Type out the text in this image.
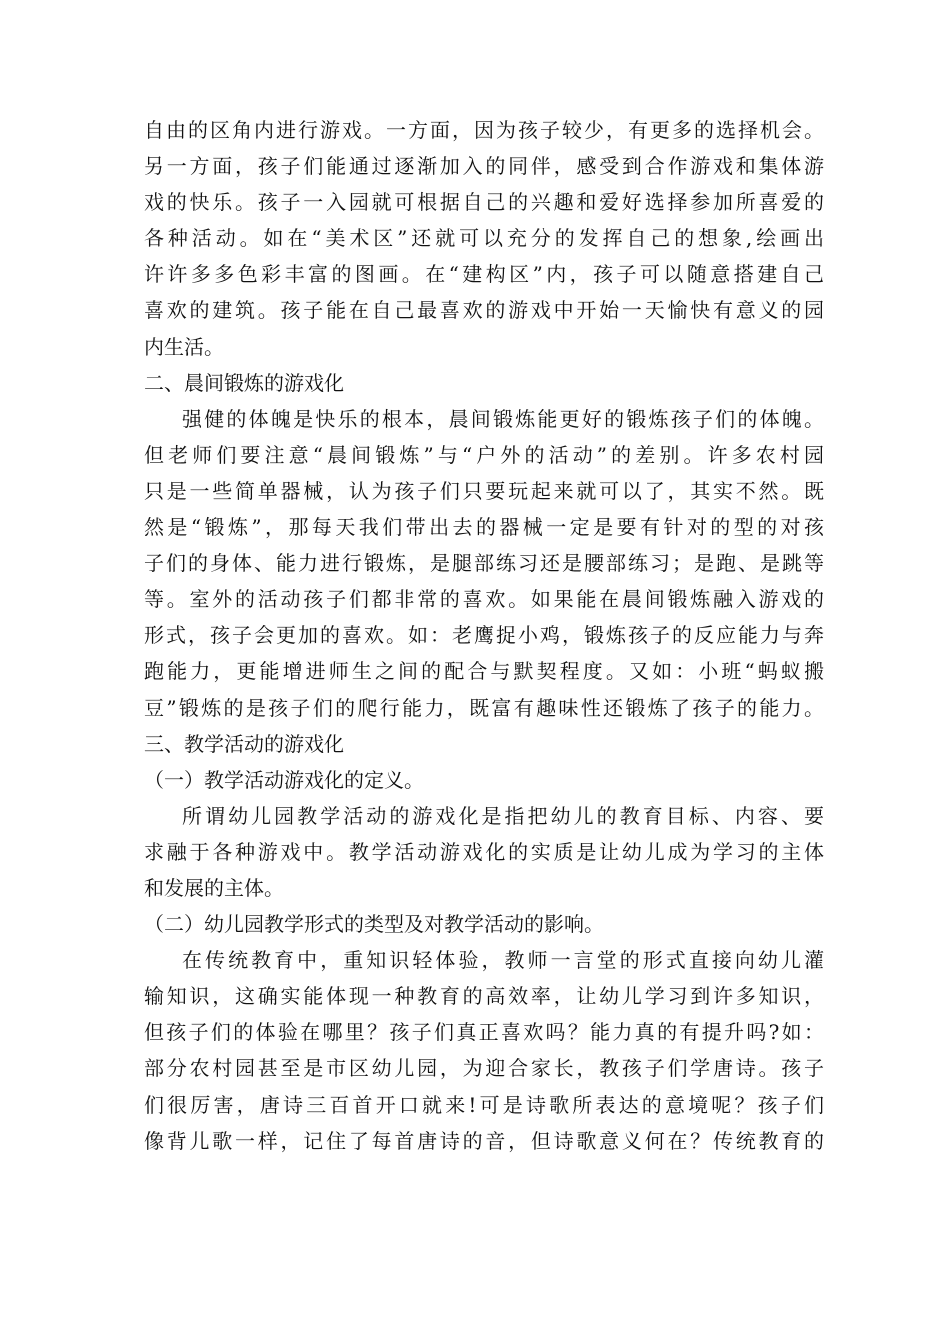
自由的区角内进行游戏。一方面，因为孩子较少，有更多的选择机会。
另一方面，孩子们能通过逐渐加入的同伴，感受到合作游戏和集体游
戏的快乐。孩子一入园就可根据自己的兴趣和爱好选择参加所喜爱的
各种活动。如在“美术区”还就可以充分的发挥自己的想象,绘画出
许许多多色彩丰富的图画。在“建构区”内，孩子可以随意搭建自己
喜欢的建筑。孩子能在自己最喜欢的游戏中开始一天愉快有意义的园
内生活。
二、晨间锻炼的游戏化
强健的体魄是快乐的根本，晨间锻炼能更好的锻炼孩子们的体魄。
但老师们要注意“晨间锻炼”与“户外的活动”的差别。许多农村园
只是一些简单器械，认为孩子们只要玩起来就可以了，其实不然。既
然是“锻炼”，那每天我们带出去的器械一定是要有针对的型的对孩
子们的身体、能力进行锻炼，是腿部练习还是腰部练习；是跑、是跳等
等。室外的活动孩子们都非常的喜欢。如果能在晨间锻炼融入游戏的
形式，孩子会更加的喜欢。如：老鹰捉小鸡，锻炼孩子的反应能力与奔
跑能力，更能增进师生之间的配合与默契程度。又如：小班“蚂蚁搬
豆”锻炼的是孩子们的爬行能力，既富有趣味性还锻炼了孩子的能力。
三、教学活动的游戏化
（一）教学活动游戏化的定义。
所谓幼儿园教学活动的游戏化是指把幼儿的教育目标、内容、要
求融于各种游戏中。教学活动游戏化的实质是让幼儿成为学习的主体
和发展的主体。
（二）幼儿园教学形式的类型及对教学活动的影响。
在传统教育中，重知识轻体验，教师一言堂的形式直接向幼儿灌
输知识，这确实能体现一种教育的高效率，让幼儿学习到许多知识，
但孩子们的体验在哪里？孩子们真正喜欢吗？能力真的有提升吗?如：
部分农村园甚至是市区幼儿园，为迎合家长，教孩子们学唐诗。孩子
们很厉害，唐诗三百首开口就来!可是诗歌所表达的意境呢？孩子们
像背儿歌一样，记住了每首唐诗的音，但诗歌意义何在？传统教育的
